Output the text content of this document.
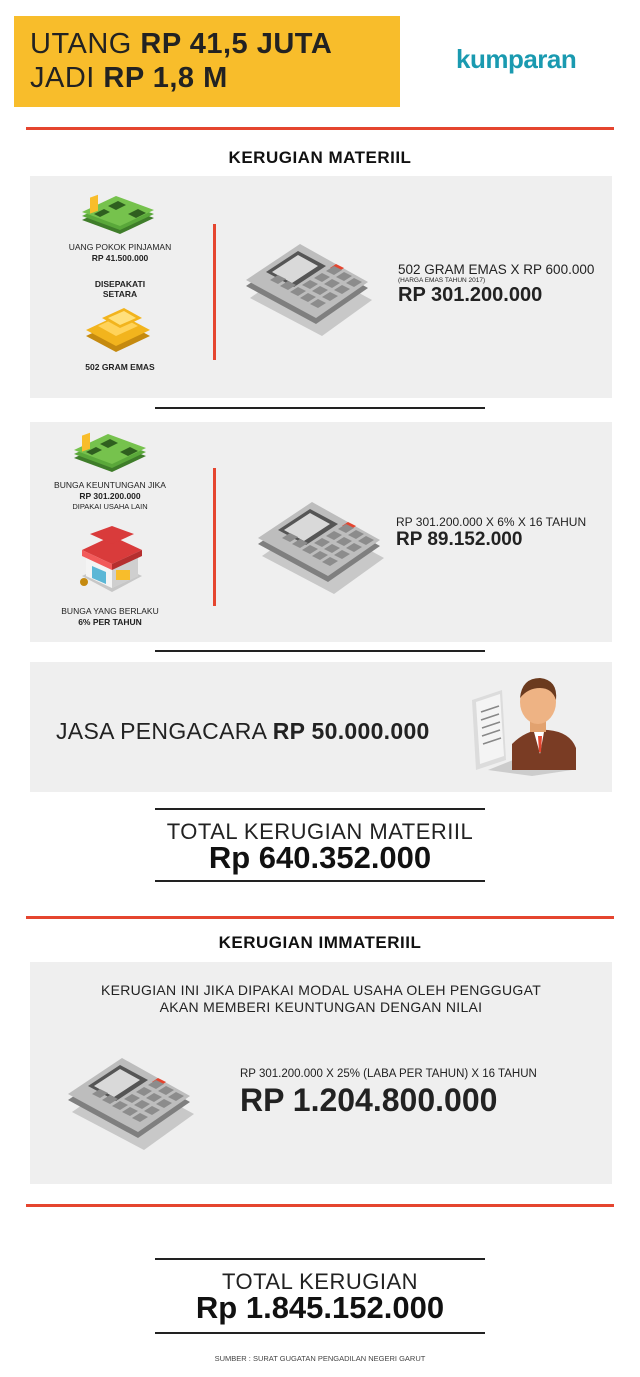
UTANG RP 41,5 JUTA
JADI RP 1,8 M
kumparan
KERUGIAN MATERIIL
UANG POKOK PINJAMAN
RP 41.500.000
DISEPAKATI
SETARA
502 GRAM EMAS
502 GRAM EMAS X RP 600.000
(HARGA EMAS TAHUN 2017)
RP 301.200.000
BUNGA KEUNTUNGAN JIKA
RP 301.200.000
DIPAKAI USAHA LAIN
BUNGA YANG BERLAKU
6% PER TAHUN
RP 301.200.000 X 6% X 16 TAHUN
RP 89.152.000
JASA PENGACARA RP 50.000.000
TOTAL KERUGIAN MATERIIL
Rp 640.352.000
KERUGIAN IMMATERIIL
KERUGIAN INI JIKA DIPAKAI MODAL USAHA OLEH PENGGUGAT
AKAN MEMBERI KEUNTUNGAN DENGAN NILAI
RP 301.200.000 X 25% (LABA PER TAHUN) X 16 TAHUN
RP 1.204.800.000
TOTAL KERUGIAN
Rp 1.845.152.000
SUMBER : SURAT GUGATAN PENGADILAN NEGERI GARUT
